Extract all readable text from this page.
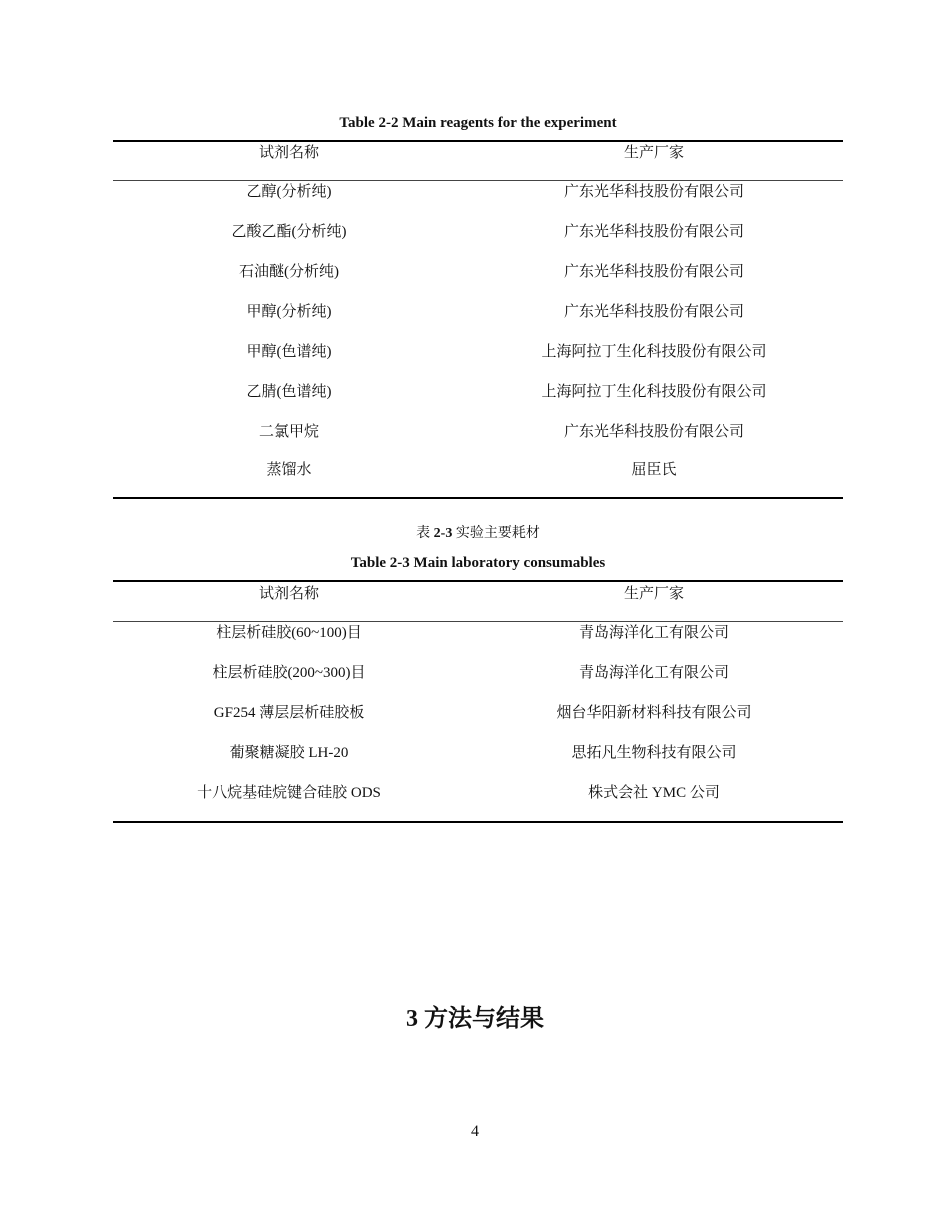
Table 2-2 Main reagents for the experiment
试剂名称	生产厂家
乙醇(分析纯)	广东光华科技股份有限公司
乙酸乙酯(分析纯)	广东光华科技股份有限公司
石油醚(分析纯)	广东光华科技股份有限公司
甲醇(分析纯)	广东光华科技股份有限公司
甲醇(色谱纯)	上海阿拉丁生化科技股份有限公司
乙腈(色谱纯)	上海阿拉丁生化科技股份有限公司
二氯甲烷	广东光华科技股份有限公司
蒸馏水	屈臣氏
表 2-3 实验主要耗材
Table 2-3 Main laboratory consumables
试剂名称	生产厂家
柱层析硅胶(60~100)目	青岛海洋化工有限公司
柱层析硅胶(200~300)目	青岛海洋化工有限公司
GF254 薄层层析硅胶板	烟台华阳新材料科技有限公司
葡聚糖凝胶 LH-20	思拓凡生物科技有限公司
十八烷基硅烷键合硅胶 ODS	株式会社 YMC 公司
3 方法与结果
4
